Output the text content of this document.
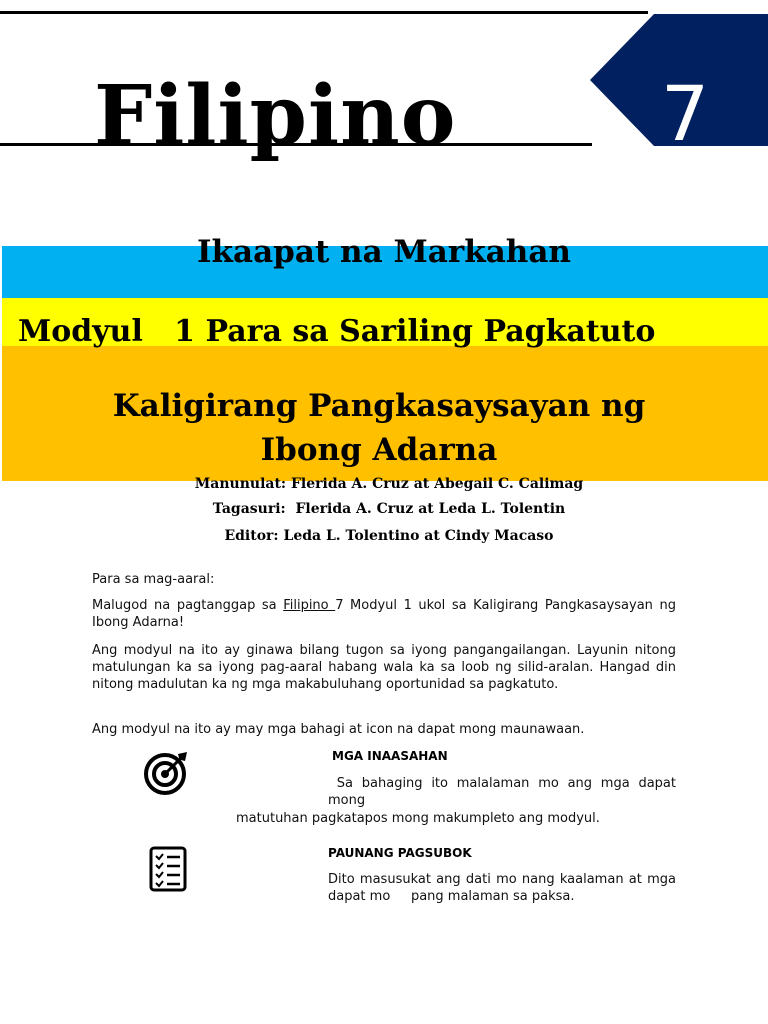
7
Filipino
Ikaapat na Markahan
Modyul   1 Para sa Sariling Pagkatuto
Kaligirang Pangkasaysayan ng
Ibong Adarna
Manunulat: Flerida A. Cruz at Abegail C. Calimag
Tagasuri:  Flerida A. Cruz at Leda L. Tolentin
Editor: Leda L. Tolentino at Cindy Macaso
Para sa mag-aaral:
Malugod na pagtanggap sa Filipino 7 Modyul 1 ukol sa Kaligirang Pangkasaysayan ng Ibong Adarna!
Ang modyul na ito ay ginawa bilang tugon sa iyong pangangailangan. Layunin nitong matulungan ka sa iyong pag-aaral habang wala ka sa loob ng silid-aralan. Hangad din nitong madulutan ka ng mga makabuluhang oportunidad sa pagkatuto.
Ang modyul na ito ay may mga bahagi at icon na dapat mong maunawaan.
MGA INAASAHAN
Sa bahaging ito malalaman mo ang mga dapat mong
matutuhan pagkatapos mong makumpleto ang modyul.
PAUNANG PAGSUBOK
Dito masusukat ang dati mo nang kaalaman at mga dapat mo     pang malaman sa paksa.
